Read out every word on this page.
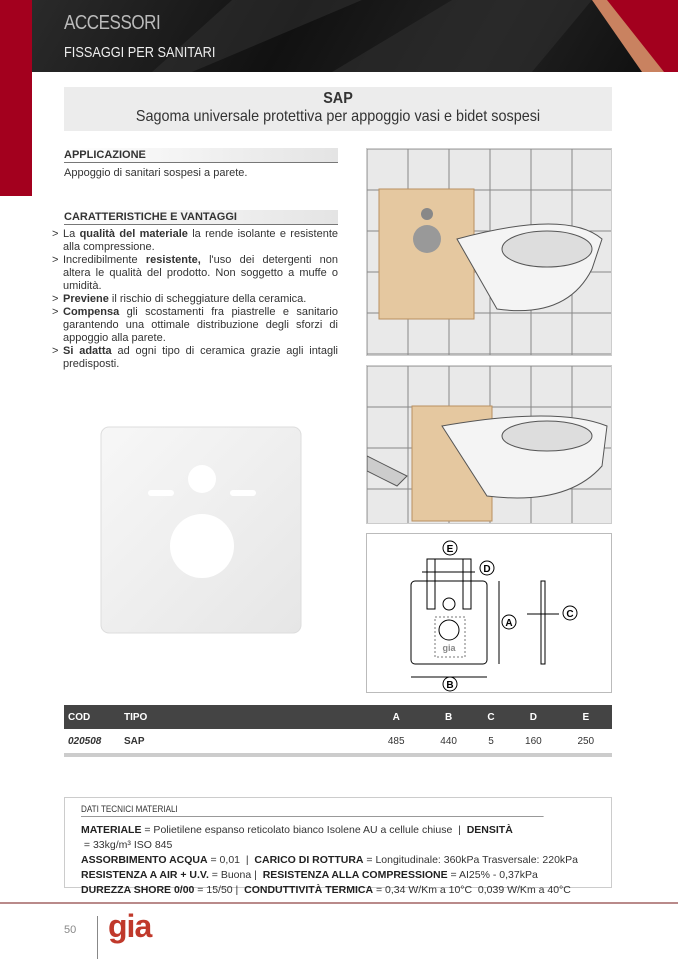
ACCESSORI
FISSAGGI PER SANITARI
SAP
Sagoma universale protettiva per appoggio vasi e bidet sospesi
APPLICAZIONE
Appoggio di sanitari sospesi a parete.
CARATTERISTICHE E VANTAGGI
> La qualità del materiale la rende isolante e resistente alla compressione.
> Incredibilmente resistente, l'uso dei detergenti non altera le qualità del prodotto. Non soggetto a muffe o umidità.
> Previene il rischio di scheggiature della ceramica.
> Compensa gli scostamenti fra piastrelle e sanitario garantendo una ottimale distribuzione degli sforzi di appoggio alla parete.
> Si adatta ad ogni tipo di ceramica grazie agli intagli predisposti.
E
D
A
B
C
gia
COD	TIPO	A	B	C	D	E
020508	SAP	485	440	5	160	250
DATI TECNICI MATERIALI

MATERIALE = Polietilene espanso reticolato bianco Isolene AU a cellule chiuse  |  DENSITÀ = 33kg/m³ ISO 845

ASSORBIMENTO ACQUA = 0,01  |  CARICO DI ROTTURA = Longitudinale: 360kPa Trasversale: 220kPa

RESISTENZA A AIR + U.V. = Buona |  RESISTENZA ALLA COMPRESSIONE = AI25% - 0,37kPa

DUREZZA SHORE 0/00 = 15/50 |  CONDUTTIVITÀ TERMICA = 0,34 W/Km a 10°C  0,039 W/Km a 40°C

50 gia
